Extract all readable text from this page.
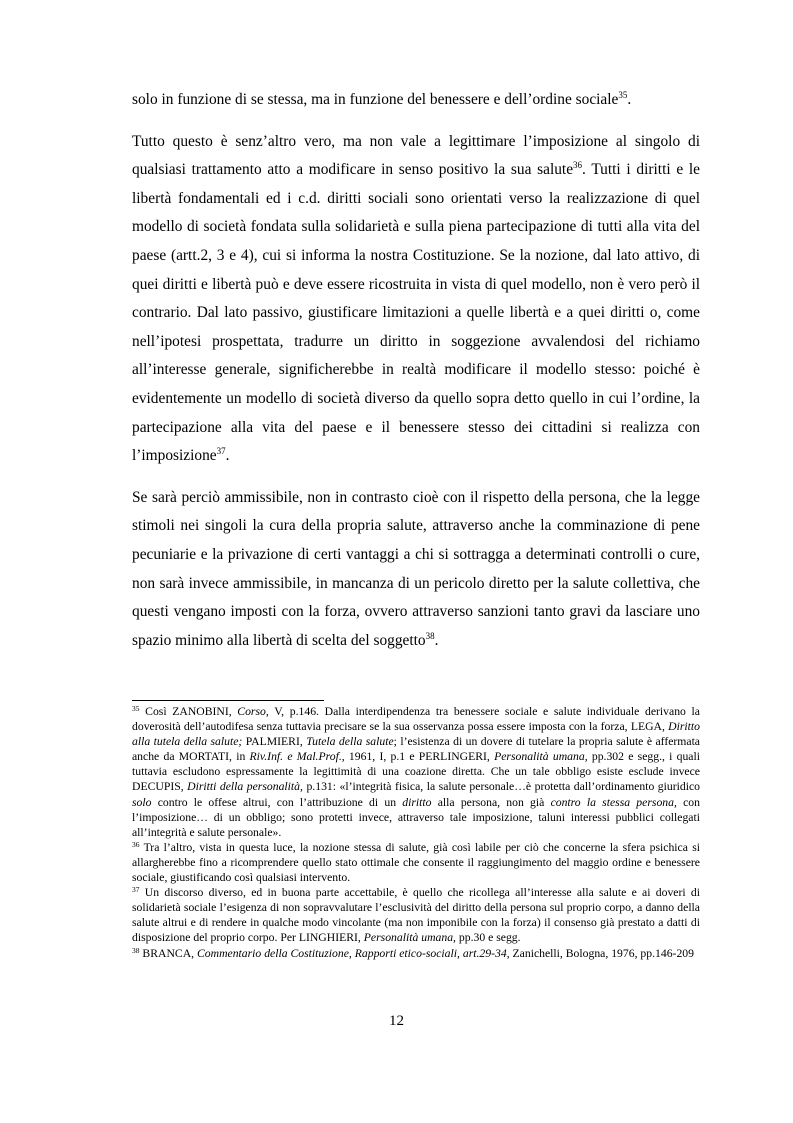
solo in funzione di se stessa, ma in funzione del benessere e dell’ordine sociale$^{35}$.

Tutto questo è senz’altro vero, ma non vale a legittimare l’imposizione al singolo di qualsiasi trattamento atto a modificare in senso positivo la sua salute$^{36}$. Tutti i diritti e le libertà fondamentali ed i c.d. diritti sociali sono orientati verso la realizzazione di quel modello di società fondata sulla solidarietà e sulla piena partecipazione di tutti alla vita del paese (artt.2, 3 e 4), cui si informa la nostra Costituzione. Se la nozione, dal lato attivo, di quei diritti e libertà può e deve essere ricostruita in vista di quel modello, non è vero però il contrario. Dal lato passivo, giustificare limitazioni a quelle libertà e a quei diritti o, come nell’ipotesi prospettata, tradurre un diritto in soggezione avvalendosi del richiamo all’interesse generale, significherebbe in realtà modificare il modello stesso: poiché è evidentemente un modello di società diverso da quello sopra detto quello in cui l’ordine, la partecipazione alla vita del paese e il benessere stesso dei cittadini si realizza con l’imposizione$^{37}$.

Se sarà perciò ammissibile, non in contrasto cioè con il rispetto della persona, che la legge stimoli nei singoli la cura della propria salute, attraverso anche la comminazione di pene pecuniarie e la privazione di certi vantaggi a chi si sottragga a determinati controlli o cure, non sarà invece ammissibile, in mancanza di un pericolo diretto per la salute collettiva, che questi vengano imposti con la forza, ovvero attraverso sanzioni tanto gravi da lasciare uno spazio minimo alla libertà di scelta del soggetto$^{38}$.

$^{35}$ Così ZANOBINI, Corso, V, p.146. Dalla interdipendenza tra benessere sociale e salute individuale derivano la doverosità dell’autodifesa senza tuttavia precisare se la sua osservanza possa essere imposta con la forza, LEGA, Diritto alla tutela della salute; PALMIERI, Tutela della salute; l’esistenza di un dovere di tutelare la propria salute è affermata anche da MORTATI, in Riv.Inf. e Mal.Prof., 1961, I, p.1 e PERLINGERI, Personalità umana, pp.302 e segg., i quali tuttavia escludono espressamente la legittimità di una coazione diretta. Che un tale obbligo esiste esclude invece DECUPIS, Diritti della personalità, p.131: «l’integrità fisica, la salute personale…è protetta dall’ordinamento giuridico solo contro le offese altrui, con l’attribuzione di un diritto alla persona, non già contro la stessa persona, con l’imposizione… di un obbligo; sono protetti invece, attraverso tale imposizione, taluni interessi pubblici collegati all’integrità e salute personale».

$^{36}$ Tra l’altro, vista in questa luce, la nozione stessa di salute, già così labile per ciò che concerne la sfera psichica si allargherebbe fino a ricomprendere quello stato ottimale che consente il raggiungimento del maggio ordine e benessere sociale, giustificando così qualsiasi intervento.

$^{37}$ Un discorso diverso, ed in buona parte accettabile, è quello che ricollega all’interesse alla salute e ai doveri di solidarietà sociale l’esigenza di non sopravvalutare l’esclusività del diritto della persona sul proprio corpo, a danno della salute altrui e di rendere in qualche modo vincolante (ma non imponibile con la forza) il consenso già prestato a datti di disposizione del proprio corpo. Per LINGHIERI, Personalità umana, pp.30 e segg.

$^{38}$ BRANCA, Commentario della Costituzione, Rapporti etico-sociali, art.29-34, Zanichelli, Bologna, 1976, pp.146-209

12
